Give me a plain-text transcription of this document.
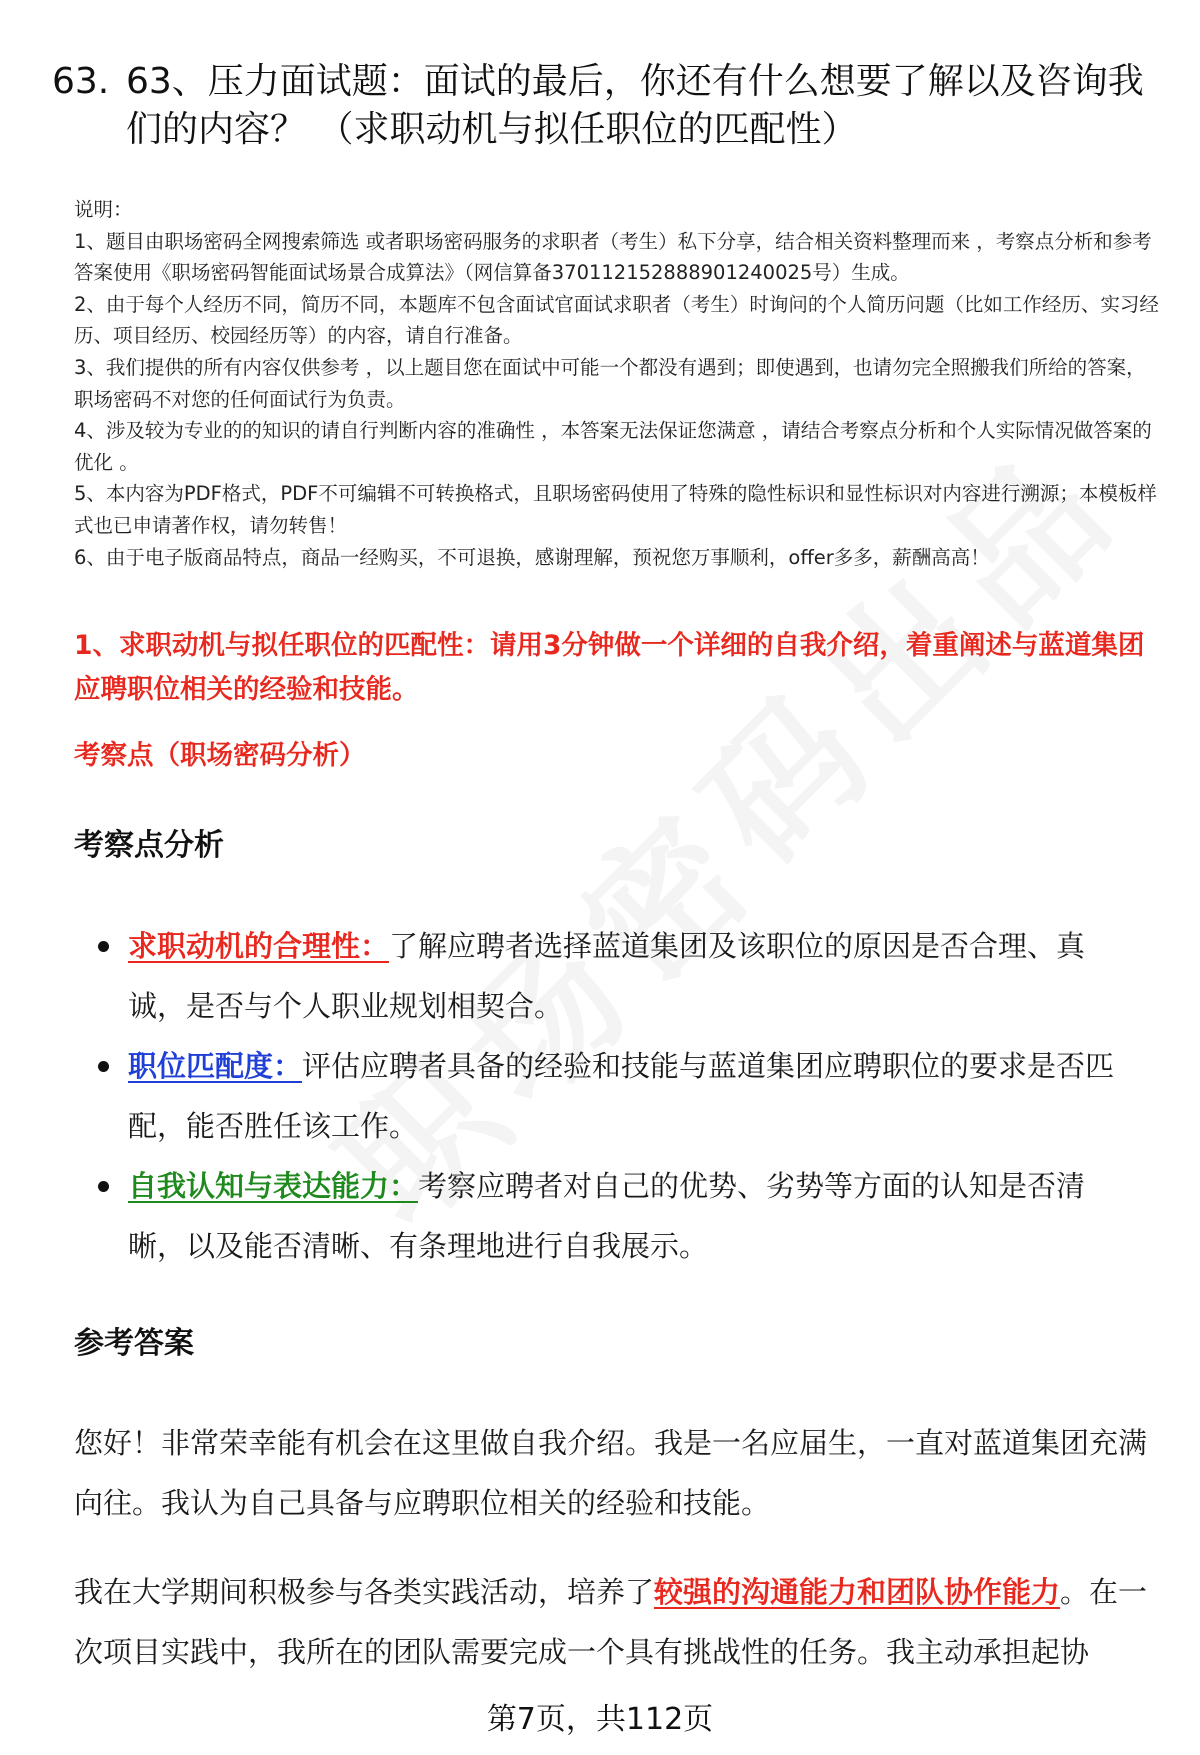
63. 63、压力面试题：面试的最后，你还有什么想要了解以及咨询我们的内容？ （求职动机与拟任职位的匹配性）

说明：

1、题目由职场密码全网搜索筛选 或者职场密码服务的求职者（考生）私下分享，结合相关资料整理而来 ，考察点分析和参考答案使用《职场密码智能面试场景合成算法》（网信算备370112152888901240025号）生成。

2、由于每个人经历不同，简历不同，本题库不包含面试官面试求职者（考生）时询问的个人简历问题（比如工作经历、实习经历、项目经历、校园经历等）的内容，请自行准备。

3、我们提供的所有内容仅供参考 ，以上题目您在面试中可能一个都没有遇到；即使遇到，也请勿完全照搬我们所给的答案，职场密码不对您的任何面试行为负责。

4、涉及较为专业的的知识的请自行判断内容的准确性 ，本答案无法保证您满意 ，请结合考察点分析和个人实际情况做答案的优化 。

5、本内容为PDF格式，PDF不可编辑不可转换格式，且职场密码使用了特殊的隐性标识和显性标识对内容进行溯源；本模板样式也已申请著作权，请勿转售！

6、由于电子版商品特点，商品一经购买，不可退换，感谢理解，预祝您万事顺利，offer多多，薪酬高高！

1、求职动机与拟任职位的匹配性：请用3分钟做一个详细的自我介绍，着重阐述与蓝道集团应聘职位相关的经验和技能。
考察点（职场密码分析）
考察点分析
求职动机的合理性：了解应聘者选择蓝道集团及该职位的原因是否合理、真诚，是否与个人职业规划相契合。
职位匹配度：评估应聘者具备的经验和技能与蓝道集团应聘职位的要求是否匹配，能否胜任该工作。
自我认知与表达能力：考察应聘者对自己的优势、劣势等方面的认知是否清晰，以及能否清晰、有条理地进行自我展示。
参考答案

您好！非常荣幸能有机会在这里做自我介绍。我是一名应届生，一直对蓝道集团充满向往。我认为自己具备与应聘职位相关的经验和技能。

我在大学期间积极参与各类实践活动，培养了较强的沟通能力和团队协作能力。在一次项目实践中，我所在的团队需要完成一个具有挑战性的任务。我主动承担起协

第7页，共112页
